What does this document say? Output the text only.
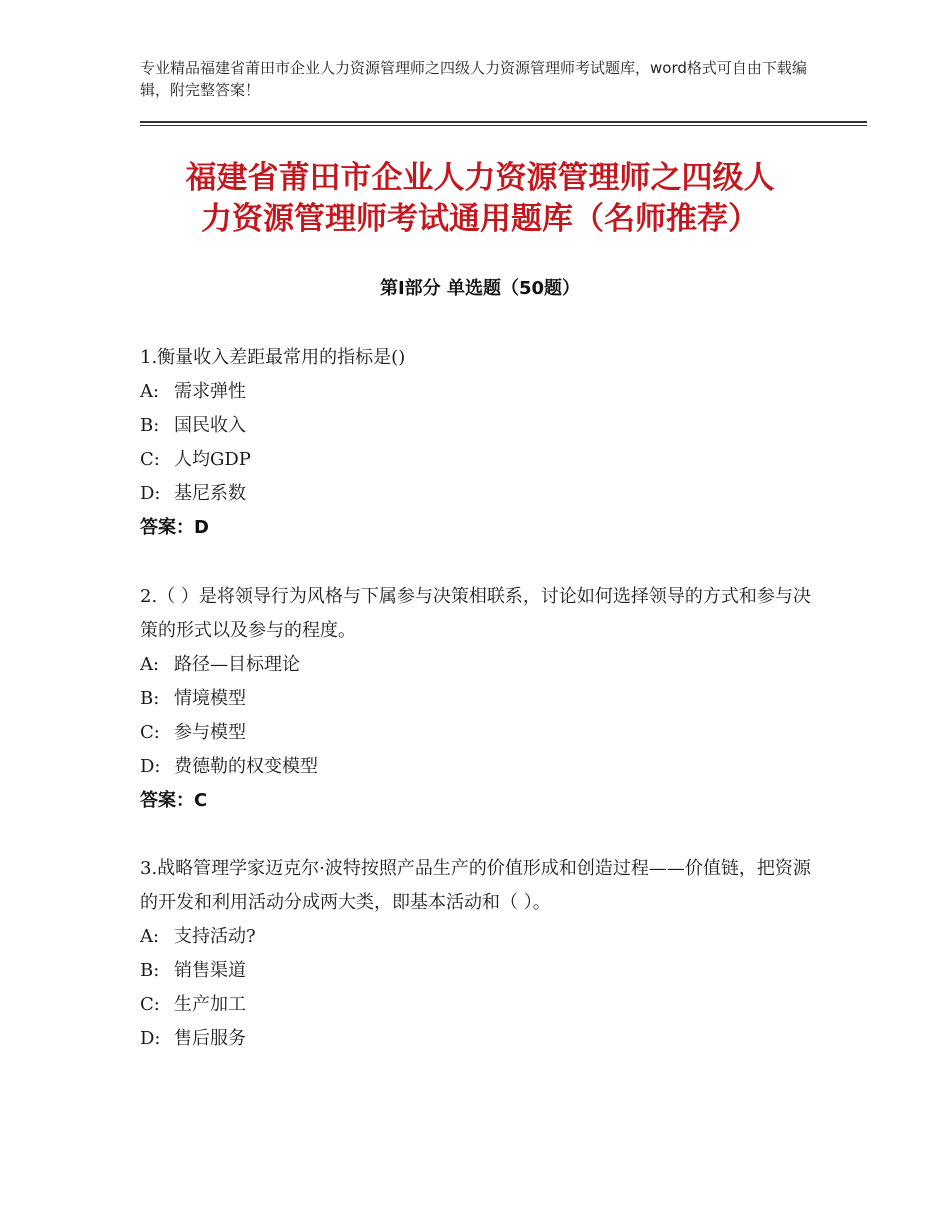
专业精品福建省莆田市企业人力资源管理师之四级人力资源管理师考试题库，word格式可自由下载编辑，附完整答案！
福建省莆田市企业人力资源管理师之四级人
力资源管理师考试通用题库（名师推荐）
第Ⅰ部分 单选题（50题）
1.衡量收入差距最常用的指标是()
A: 需求弹性
B: 国民收入
C: 人均GDP
D: 基尼系数
答案：D
2.（ ）是将领导行为风格与下属参与决策相联系，讨论如何选择领导的方式和参与决策的形式以及参与的程度。
A: 路径—目标理论
B: 情境模型
C: 参与模型
D: 费德勒的权变模型
答案：C
3.战略管理学家迈克尔·波特按照产品生产的价值形成和创造过程——价值链，把资源的开发和利用活动分成两大类，即基本活动和（ ）。
A: 支持活动?
B: 销售渠道
C: 生产加工
D: 售后服务
